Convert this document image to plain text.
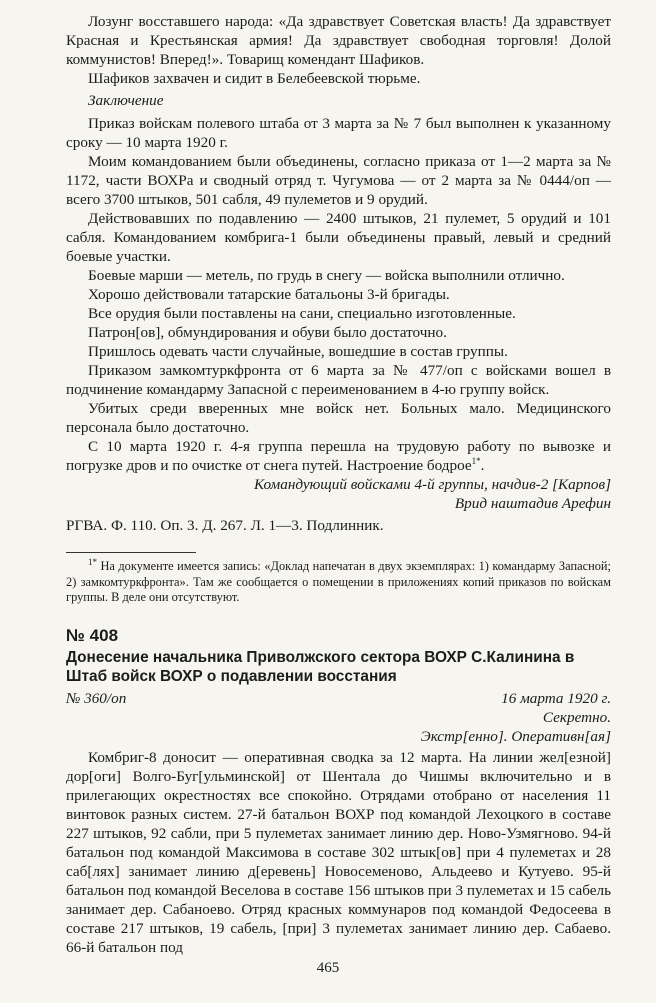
Лозунг восставшего народа: «Да здравствует Советская власть! Да здравствует Красная и Крестьянская армия! Да здравствует свободная торговля! Долой коммунистов! Вперед!». Товарищ комендант Шафиков.

Шафиков захвачен и сидит в Белебеевской тюрьме.

Заключение

Приказ войскам полевого штаба от 3 марта за № 7 был выполнен к указанному сроку — 10 марта 1920 г.

Моим командованием были объединены, согласно приказа от 1—2 марта за № 1172, части ВОХРа и сводный отряд т. Чугумова — от 2 марта за № 0444/оп — всего 3700 штыков, 501 сабля, 49 пулеметов и 9 орудий.

Действовавших по подавлению — 2400 штыков, 21 пулемет, 5 орудий и 101 сабля. Командованием комбрига-1 были объединены правый, левый и средний боевые участки.

Боевые марши — метель, по грудь в снегу — войска выполнили отлично.

Хорошо действовали татарские батальоны 3-й бригады.

Все орудия были поставлены на сани, специально изготовленные.

Патрон[ов], обмундирования и обуви было достаточно.

Пришлось одевать части случайные, вошедшие в состав группы.

Приказом замкомтуркфронта от 6 марта за № 477/оп с войсками вошел в подчинение командарму Запасной с переименованием в 4-ю группу войск.

Убитых среди вверенных мне войск нет. Больных мало. Медицинского персонала было достаточно.

С 10 марта 1920 г. 4-я группа перешла на трудовую работу по вывозке и погрузке дров и по очистке от снега путей. Настроение бодрое$^{1*}$.

Командующий войсками 4-й группы, начдив-2 [Карпов]

Врид наштадив Арефин

РГВА. Ф. 110. Оп. 3. Д. 267. Л. 1—3. Подлинник.

$^{1*}$ На документе имеется запись: «Доклад напечатан в двух экземплярах: 1) командарму Запасной; 2) замкомтуркфронта». Там же сообщается о помещении в приложениях копий приказов по войскам группы. В деле они отсутствуют.

№ 408

Донесение начальника Приволжского сектора ВОХР С.Калинина в Штаб войск ВОХР о подавлении восстания

№ 360/оп	16 марта 1920 г.

Секретно.

Экстр[енно]. Оперативн[ая]

Комбриг-8 доносит — оперативная сводка за 12 марта. На линии жел[езной] дор[оги] Волго-Буг[ульминской] от Шентала до Чишмы включительно и в прилегающих окрестностях все спокойно. Отрядами отобрано от населения 11 винтовок разных систем. 27-й батальон ВОХР под командой Лехоцкого в составе 227 штыков, 92 сабли, при 5 пулеметах занимает линию дер. Ново-Узмягново. 94-й батальон под командой Максимова в составе 302 штык[ов] при 4 пулеметах и 28 саб[лях] занимает линию д[еревень] Новосеменово, Альдеево и Кутуево. 95-й батальон под командой Веселова в составе 156 штыков при 3 пулеметах и 15 сабель занимает дер. Сабаноево. Отряд красных коммунаров под командой Федосеева в составе 217 штыков, 19 сабель, [при] 3 пулеметах занимает линию дер. Сабаево. 66-й батальон под

465
